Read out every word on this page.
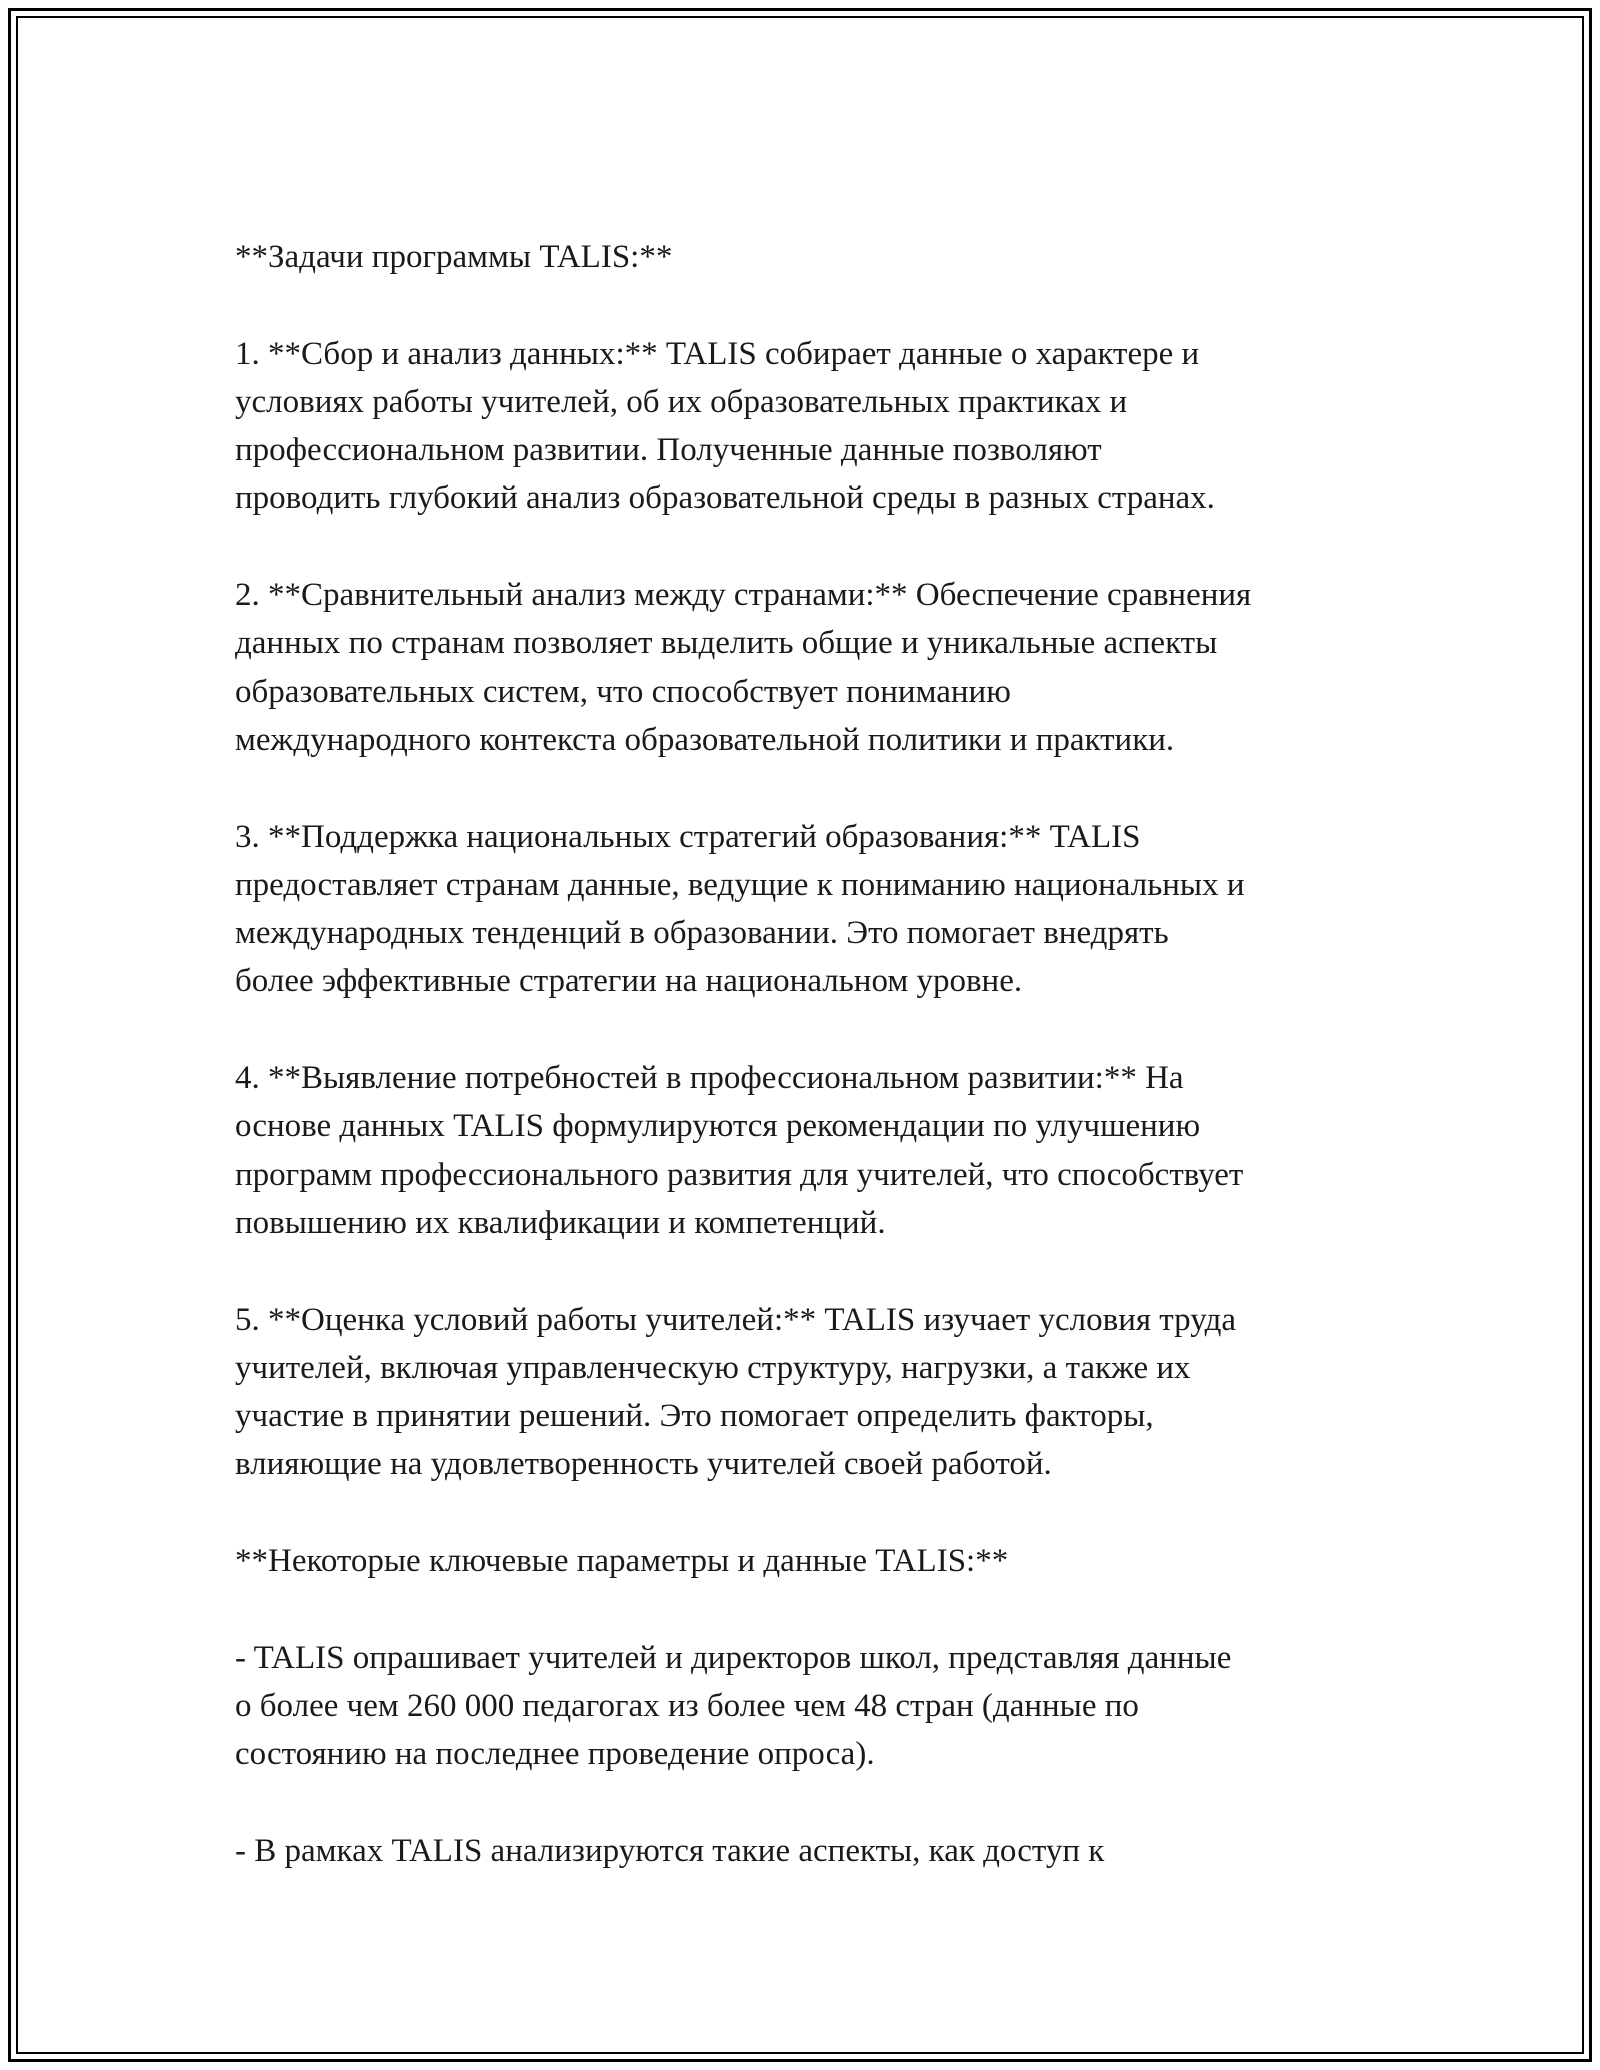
**Задачи программы TALIS:**

1. **Сбор и анализ данных:** TALIS собирает данные о характере и
условиях работы учителей, об их образовательных практиках и
профессиональном развитии. Полученные данные позволяют
проводить глубокий анализ образовательной среды в разных странах.

2. **Сравнительный анализ между странами:** Обеспечение сравнения
данных по странам позволяет выделить общие и уникальные аспекты
образовательных систем, что способствует пониманию
международного контекста образовательной политики и практики.

3. **Поддержка национальных стратегий образования:** TALIS
предоставляет странам данные, ведущие к пониманию национальных и
международных тенденций в образовании. Это помогает внедрять
более эффективные стратегии на национальном уровне.

4. **Выявление потребностей в профессиональном развитии:** На
основе данных TALIS формулируются рекомендации по улучшению
программ профессионального развития для учителей, что способствует
повышению их квалификации и компетенций.

5. **Оценка условий работы учителей:** TALIS изучает условия труда
учителей, включая управленческую структуру, нагрузки, а также их
участие в принятии решений. Это помогает определить факторы,
влияющие на удовлетворенность учителей своей работой.

**Некоторые ключевые параметры и данные TALIS:**

- TALIS опрашивает учителей и директоров школ, представляя данные
о более чем 260 000 педагогах из более чем 48 стран (данные по
состоянию на последнее проведение опроса).

- В рамках TALIS анализируются такие аспекты, как доступ к
